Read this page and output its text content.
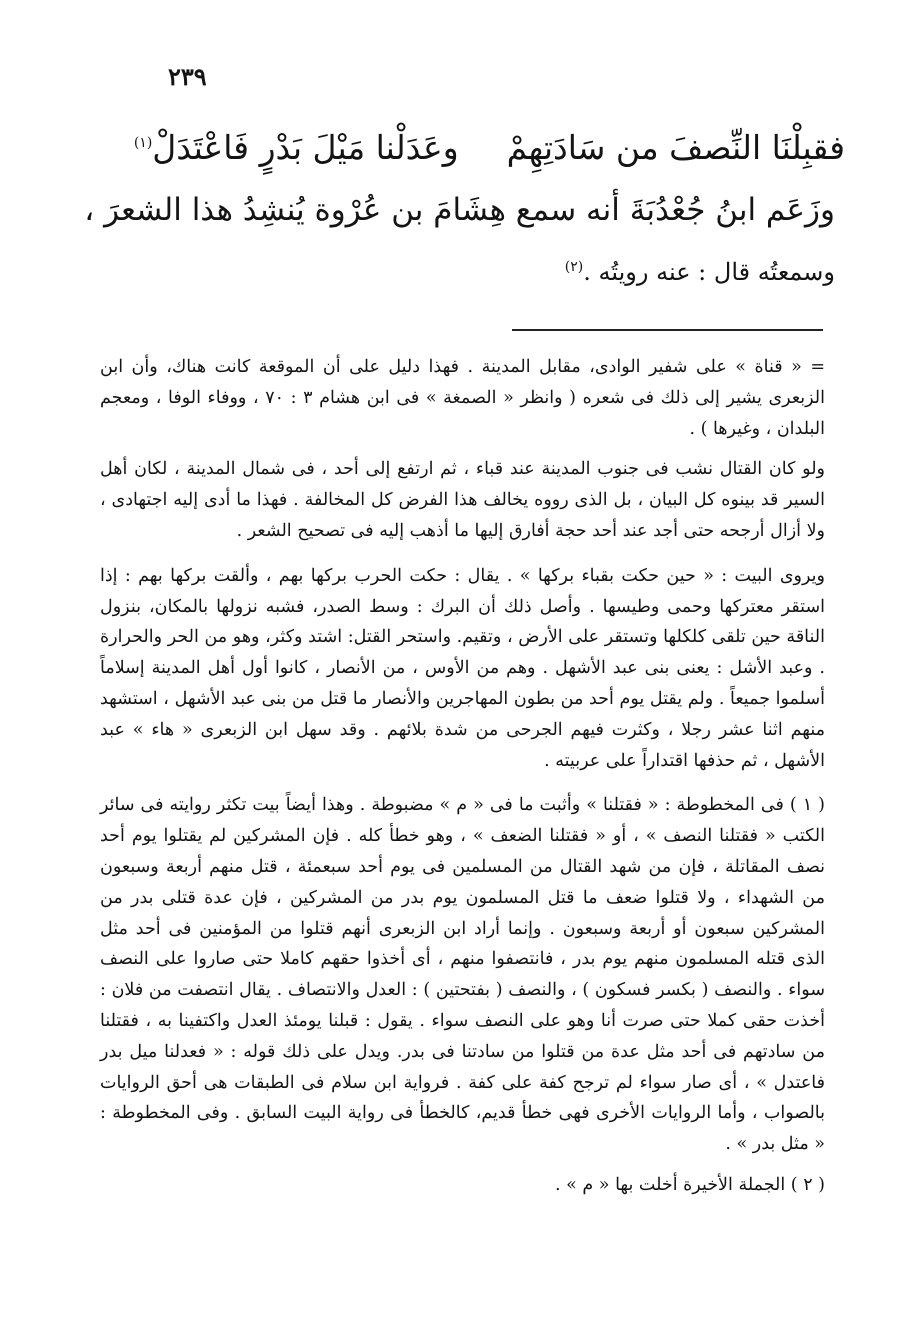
٢٣٩
فقبِلْنَا النِّصفَ من سَادَتِهِمْوعَدَلْنا مَيْلَ بَدْرٍ فَاعْتَدَلْ$^{(١)}$
وزَعَم ابنُ جُعْدُبَةَ أنه سمع هِشَامَ بن عُرْوة يُنشِدُ هذا الشعرَ ،
وسمعتُه قال : عنه رويتُه .$^{(٢)}$

= « قناة » على شفير الوادى، مقابل المدينة . فهذا دليل على أن الموقعة كانت هناك، وأن ابن الزبعرى يشير إلى ذلك فى شعره ( وانظر « الصمغة » فى ابن هشام ٣ : ٧٠ ، ووفاء الوفا ، ومعجم البلدان ، وغيرها ) .

ولو كان القتال نشب فى جنوب المدينة عند قباء ، ثم ارتفع إلى أحد ، فى شمال المدينة ، لكان أهل السير قد بينوه كل البيان ، بل الذى رووه يخالف هذا الفرض كل المخالفة . فهذا ما أدى إليه اجتهادى ، ولا أزال أرجحه حتى أجد عند أحد حجة أفارق إليها ما أذهب إليه فى تصحيح الشعر .

ويروى البيت : « حين حكت بقباء بركها » . يقال : حكت الحرب بركها بهم ، وألقت بركها بهم : إذا استقر معتركها وحمى وطيسها . وأصل ذلك أن البرك : وسط الصدر، فشبه نزولها بالمكان، بنزول الناقة حين تلقى كلكلها وتستقر على الأرض ، وتقيم. واستحر القتل: اشتد وكثر، وهو من الحر والحرارة . وعبد الأشل : يعنى بنى عبد الأشهل . وهم من الأوس ، من الأنصار ، كانوا أول أهل المدينة إسلاماً أسلموا جميعاً . ولم يقتل يوم أحد من بطون المهاجرين والأنصار ما قتل من بنى عبد الأشهل ، استشهد منهم اثنا عشر رجلا ، وكثرت فيهم الجرحى من شدة بلائهم . وقد سهل ابن الزبعرى « هاء » عبد الأشهل ، ثم حذفها اقتداراً على عربيته .

( ١ ) فى المخطوطة : « فقتلنا » وأثبت ما فى « م » مضبوطة . وهذا أيضاً بيت تكثر روايته فى سائر الكتب « فقتلنا النصف » ، أو « فقتلنا الضعف » ، وهو خطأ كله . فإن المشركين لم يقتلوا يوم أحد نصف المقاتلة ، فإن من شهد القتال من المسلمين فى يوم أحد سبعمئة ، قتل منهم أربعة وسبعون من الشهداء ، ولا قتلوا ضعف ما قتل المسلمون يوم بدر من المشركين ، فإن عدة قتلى بدر من المشركين سبعون أو أربعة وسبعون . وإنما أراد ابن الزبعرى أنهم قتلوا من المؤمنين فى أحد مثل الذى قتله المسلمون منهم يوم بدر ، فانتصفوا منهم ، أى أخذوا حقهم كاملا حتى صاروا على النصف سواء . والنصف ( بكسر فسكون ) ، والنصف ( بفتحتين ) : العدل والانتصاف . يقال انتصفت من فلان : أخذت حقى كملا حتى صرت أنا وهو على النصف سواء . يقول : قبلنا يومئذ العدل واكتفينا به ، فقتلنا من سادتهم فى أحد مثل عدة من قتلوا من سادتنا فى بدر. ويدل على ذلك قوله : « فعدلنا ميل بدر فاعتدل » ، أى صار سواء لم ترجح كفة على كفة . فرواية ابن سلام فى الطبقات هى أحق الروايات بالصواب ، وأما الروايات الأخرى فهى خطأ قديم، كالخطأ فى رواية البيت السابق . وفى المخطوطة : « مثل بدر » .

( ٢ ) الجملة الأخيرة أخلت بها « م » .
